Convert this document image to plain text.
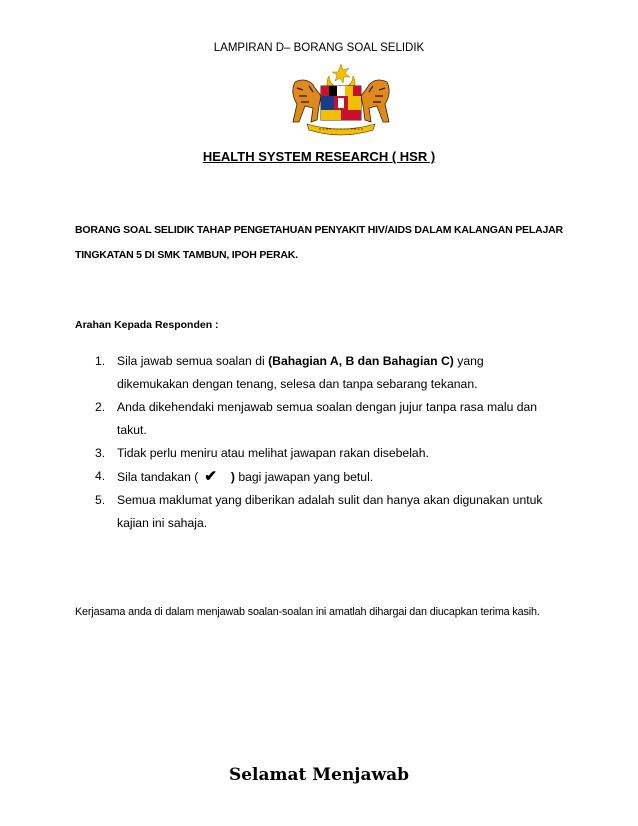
LAMPIRAN D– BORANG SOAL SELIDIK
HEALTH SYSTEM RESEARCH ( HSR )
BORANG SOAL SELIDIK TAHAP PENGETAHUAN PENYAKIT HIV/AIDS DALAM KALANGAN PELAJAR
TINGKATAN 5 DI SMK TAMBUN, IPOH PERAK.
Arahan Kepada Responden :
1. Sila jawab semua soalan di (Bahagian A, B dan Bahagian C) yang dikemukakan dengan tenang, selesa dan tanpa sebarang tekanan.
2. Anda dikehendaki menjawab semua soalan dengan jujur tanpa rasa malu dan takut.
3. Tidak perlu meniru atau melihat jawapan rakan disebelah.
4. Sila tandakan ( ✔ ) bagi jawapan yang betul.
5. Semua maklumat yang diberikan adalah sulit dan hanya akan digunakan untuk kajian ini sahaja.
Kerjasama anda di dalam menjawab soalan-soalan ini amatlah dihargai dan diucapkan terima kasih.
Selamat Menjawab
